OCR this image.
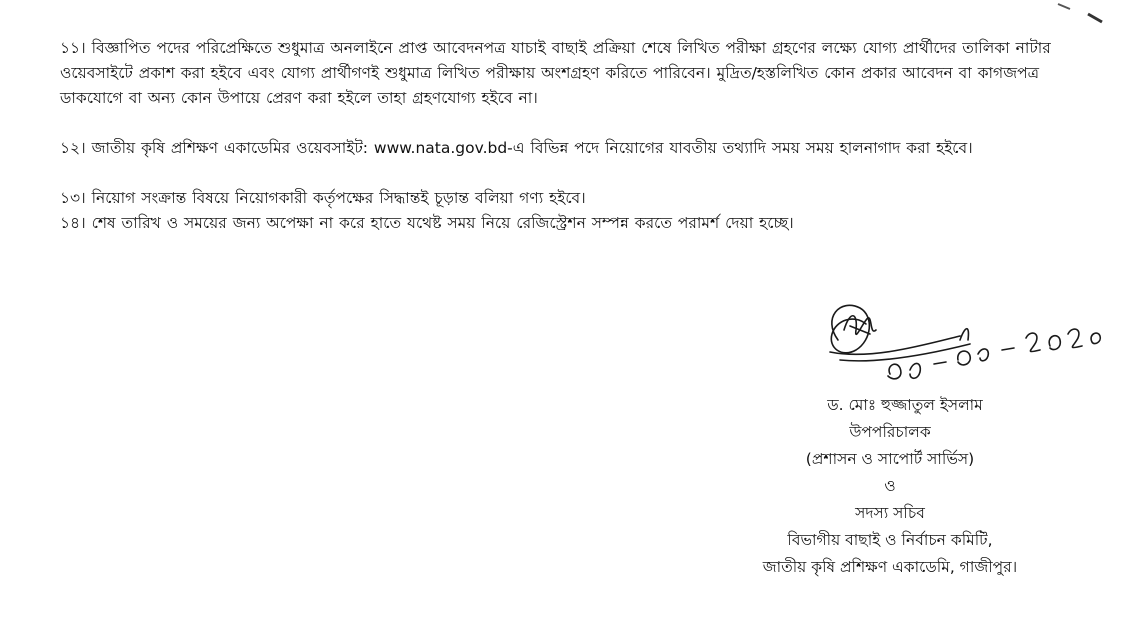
১১। বিজ্ঞাপিত পদের পরিপ্রেক্ষিতে শুধুমাত্র অনলাইনে প্রাপ্ত আবেদনপত্র যাচাই বাছাই প্রক্রিয়া শেষে লিখিত পরীক্ষা গ্রহণের লক্ষ্যে যোগ্য প্রার্থীদের তালিকা নাটার ওয়েবসাইটে প্রকাশ করা হইবে এবং যোগ্য প্রার্থীগণই শুধুমাত্র লিখিত পরীক্ষায় অংশগ্রহণ করিতে পারিবেন। মুদ্রিত/হস্তলিখিত কোন প্রকার আবেদন বা কাগজপত্র ডাকযোগে বা অন্য কোন উপায়ে প্রেরণ করা হইলে তাহা গ্রহণযোগ্য হইবে না।
১২। জাতীয় কৃষি প্রশিক্ষণ একাডেমির ওয়েবসাইট: www.nata.gov.bd-এ বিভিন্ন পদে নিয়োগের যাবতীয় তথ্যাদি সময় সময় হালনাগাদ করা হইবে।
১৩। নিয়োগ সংক্রান্ত বিষয়ে নিয়োগকারী কর্তৃপক্ষের সিদ্ধান্তই চূড়ান্ত বলিয়া গণ্য হইবে।
১৪। শেষ তারিখ ও সময়ের জন্য অপেক্ষা না করে হাতে যথেষ্ট সময় নিয়ে রেজিস্ট্রেশন সম্পন্ন করতে পরামর্শ দেয়া হচ্ছে।
ড. মোঃ হুজ্জাতুল ইসলাম
উপপরিচালক
(প্রশাসন ও সাপোর্ট সার্ভিস)
ও
সদস্য সচিব
বিভাগীয় বাছাই ও নির্বাচন কমিটি,
জাতীয় কৃষি প্রশিক্ষণ একাডেমি, গাজীপুর।
